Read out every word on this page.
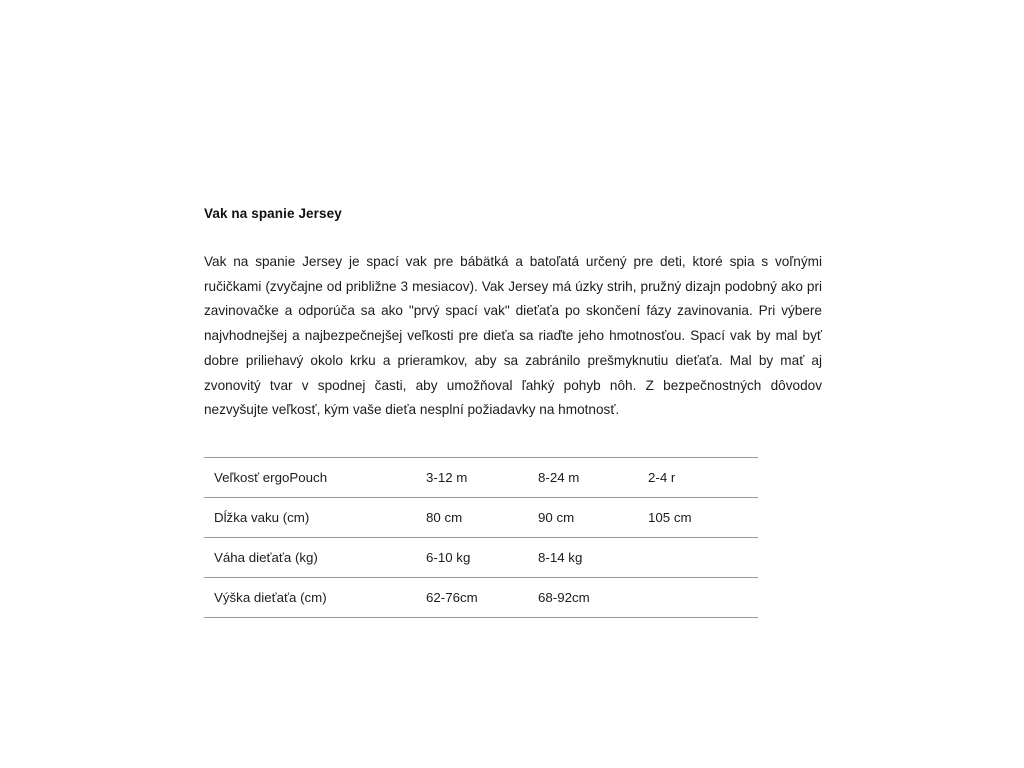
Vak na spanie Jersey

Vak na spanie Jersey je spací vak pre bábätká a batoľatá určený pre deti, ktoré spia s voľnými ručičkami (zvyčajne od približne 3 mesiacov). Vak Jersey má úzky strih, pružný dizajn podobný ako pri zavinovačke a odporúča sa ako "prvý spací vak" dieťaťa po skončení fázy zavinovania. Pri výbere najvhodnejšej a najbezpečnejšej veľkosti pre dieťa sa riaďte jeho hmotnosťou. Spací vak by mal byť dobre priliehavý okolo krku a prieramkov, aby sa zabránilo prešmyknutiu dieťaťa. Mal by mať aj zvonovitý tvar v spodnej časti, aby umožňoval ľahký pohyb nôh. Z bezpečnostných dôvodov nezvyšujte veľkosť, kým vaše dieťa nesplní požiadavky na hmotnosť.

Veľkosť ergoPouch	3-12 m	8-24 m	2-4 r
Dĺžka vaku (cm)	80 cm	90 cm	105 cm
Váha dieťaťa (kg)	6-10 kg	8-14 kg	
Výška dieťaťa (cm)	62-76cm	68-92cm	
